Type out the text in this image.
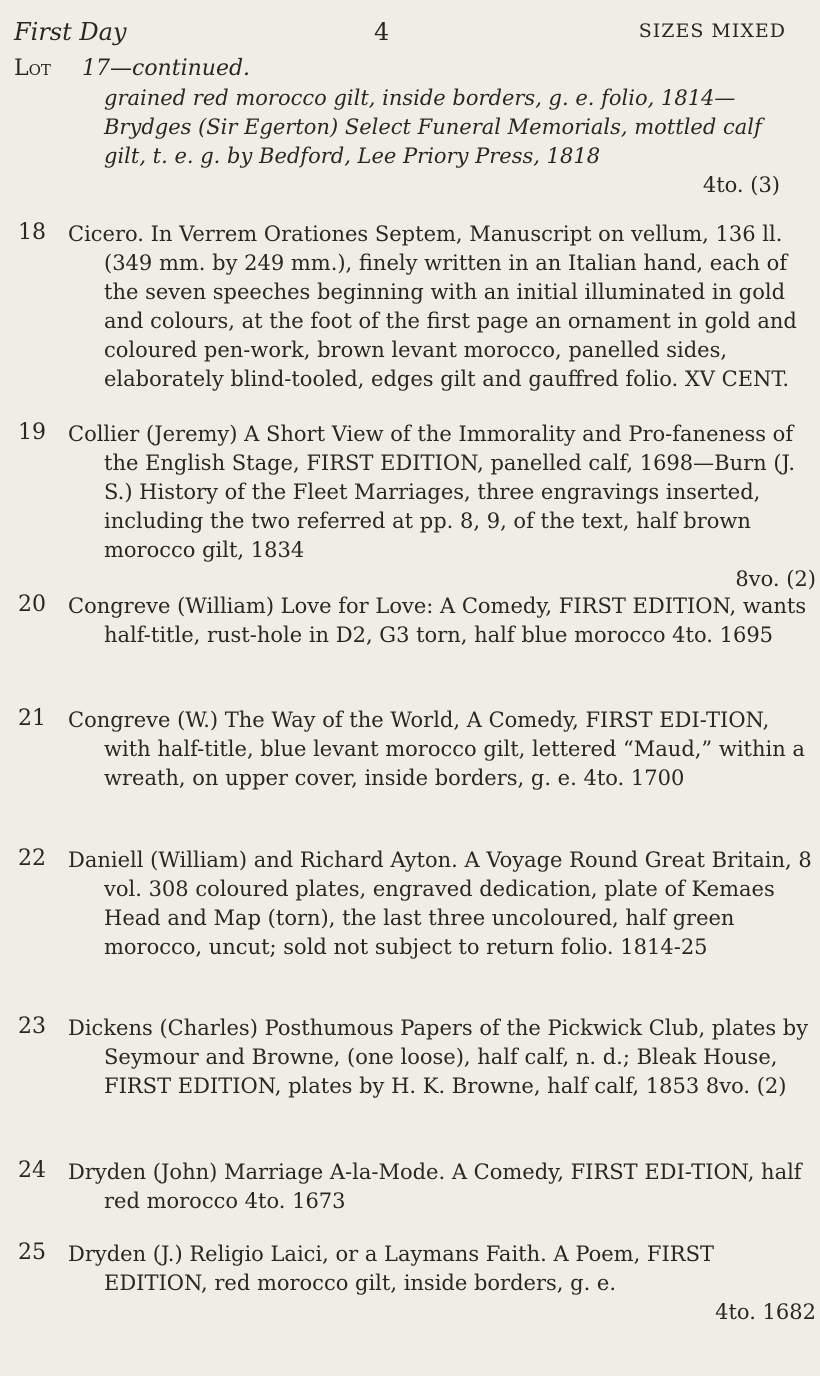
First Day	4	SIZES MIXED
Lot 17—continued.
grained red morocco gilt, inside borders, g. e. folio, 1814— Brydges (Sir Egerton) Select Funeral Memorials, mottled calf gilt, t. e. g. by Bedford, Lee Priory Press, 1818
4to. (3)
18 Cicero. In Verrem Orationes Septem, Manuscript on vellum, 136 ll. (349 mm. by 249 mm.), finely written in an Italian hand, each of the seven speeches beginning with an initial illuminated in gold and colours, at the foot of the first page an ornament in gold and coloured pen-work, brown levant morocco, panelled sides, elaborately blind-tooled, edges gilt and gauffred folio. XV CENT.
19 Collier (Jeremy) A Short View of the Immorality and Pro-faneness of the English Stage, FIRST EDITION, panelled calf, 1698—Burn (J. S.) History of the Fleet Marriages, three engravings inserted, including the two referred at pp. 8, 9, of the text, half brown morocco gilt, 1834
8vo. (2)
20 Congreve (William) Love for Love: A Comedy, FIRST EDITION, wants half-title, rust-hole in D2, G3 torn, half blue morocco 4to. 1695
21 Congreve (W.) The Way of the World, A Comedy, FIRST EDI-TION, with half-title, blue levant morocco gilt, lettered “Maud,” within a wreath, on upper cover, inside borders, g. e. 4to. 1700
22 Daniell (William) and Richard Ayton. A Voyage Round Great Britain, 8 vol. 308 coloured plates, engraved dedication, plate of Kemaes Head and Map (torn), the last three uncoloured, half green morocco, uncut; sold not subject to return folio. 1814-25
23 Dickens (Charles) Posthumous Papers of the Pickwick Club, plates by Seymour and Browne, (one loose), half calf, n. d.; Bleak House, FIRST EDITION, plates by H. K. Browne, half calf, 1853 8vo. (2)
24 Dryden (John) Marriage A-la-Mode. A Comedy, FIRST EDI-TION, half red morocco 4to. 1673
25 Dryden (J.) Religio Laici, or a Laymans Faith. A Poem, FIRST EDITION, red morocco gilt, inside borders, g. e.
4to. 1682
